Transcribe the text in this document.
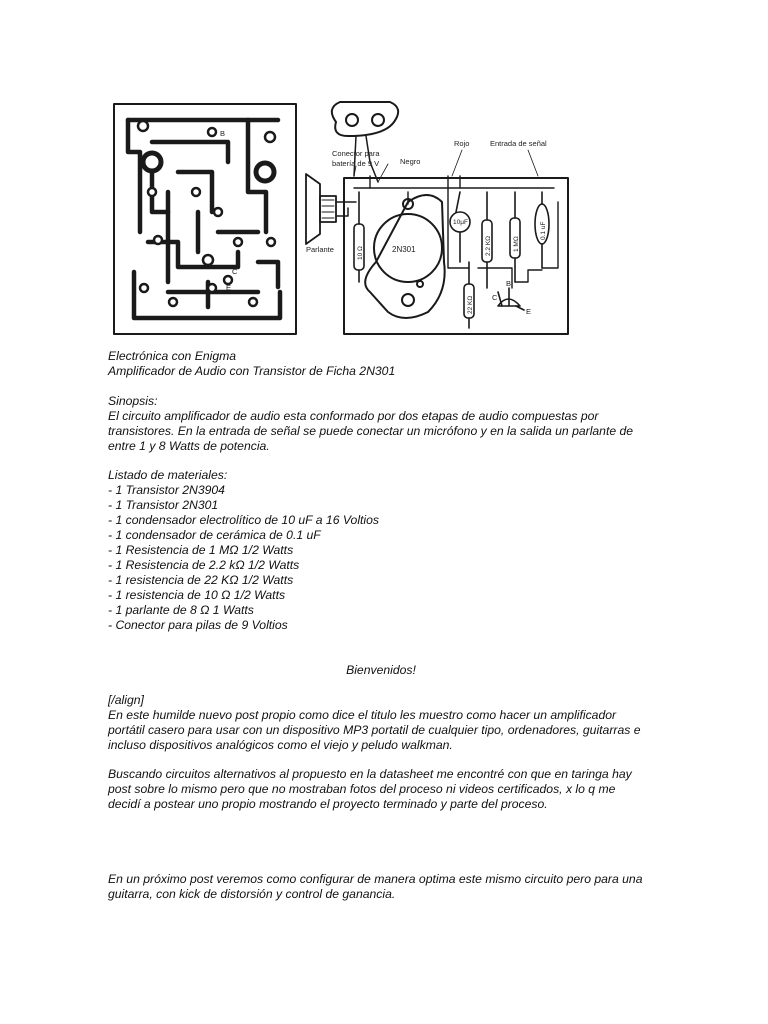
Conector para
batería de 9 V	Negro
Rojo	Entrada de señal
Parlante	2N301
10 Ω
10μF
2.2 KΩ	1 MΩ
0.1 uF
22 KΩ C
B
E
B
1
C
E
Electrónica con Enigma
Amplificador de Audio con Transistor de Ficha 2N301
Sinopsis:
El circuito amplificador de audio esta conformado por dos etapas de audio compuestas por
transistores. En la entrada de señal se puede conectar un micrófono y en la salida un parlante de
entre 1 y 8 Watts de potencia.
Listado de materiales:
- 1 Transistor 2N3904
- 1 Transistor 2N301
- 1 condensador electrolítico de 10 uF a 16 Voltios
- 1 condensador de cerámica de 0.1 uF
- 1 Resistencia de 1 MΩ 1/2 Watts
- 1 Resistencia de 2.2 kΩ 1/2 Watts
- 1 resistencia de 22 KΩ 1/2 Watts
- 1 resistencia de 10 Ω 1/2 Watts
- 1 parlante de 8 Ω 1 Watts
- Conector para pilas de 9 Voltios
Bienvenidos!
[/align]
En este humilde nuevo post propio como dice el titulo les muestro como hacer un amplificador
portátil casero para usar con un dispositivo MP3 portatil de cualquier tipo, ordenadores, guitarras e
incluso dispositivos analógicos como el viejo y peludo walkman.
Buscando circuitos alternativos al propuesto en la datasheet me encontré con que en taringa hay
post sobre lo mismo pero que no mostraban fotos del proceso ni videos certificados, x lo q me
decidí a postear uno propio mostrando el proyecto terminado y parte del proceso.
En un próximo post veremos como configurar de manera optima este mismo circuito pero para una
guitarra, con kick de distorsión y control de ganancia.
